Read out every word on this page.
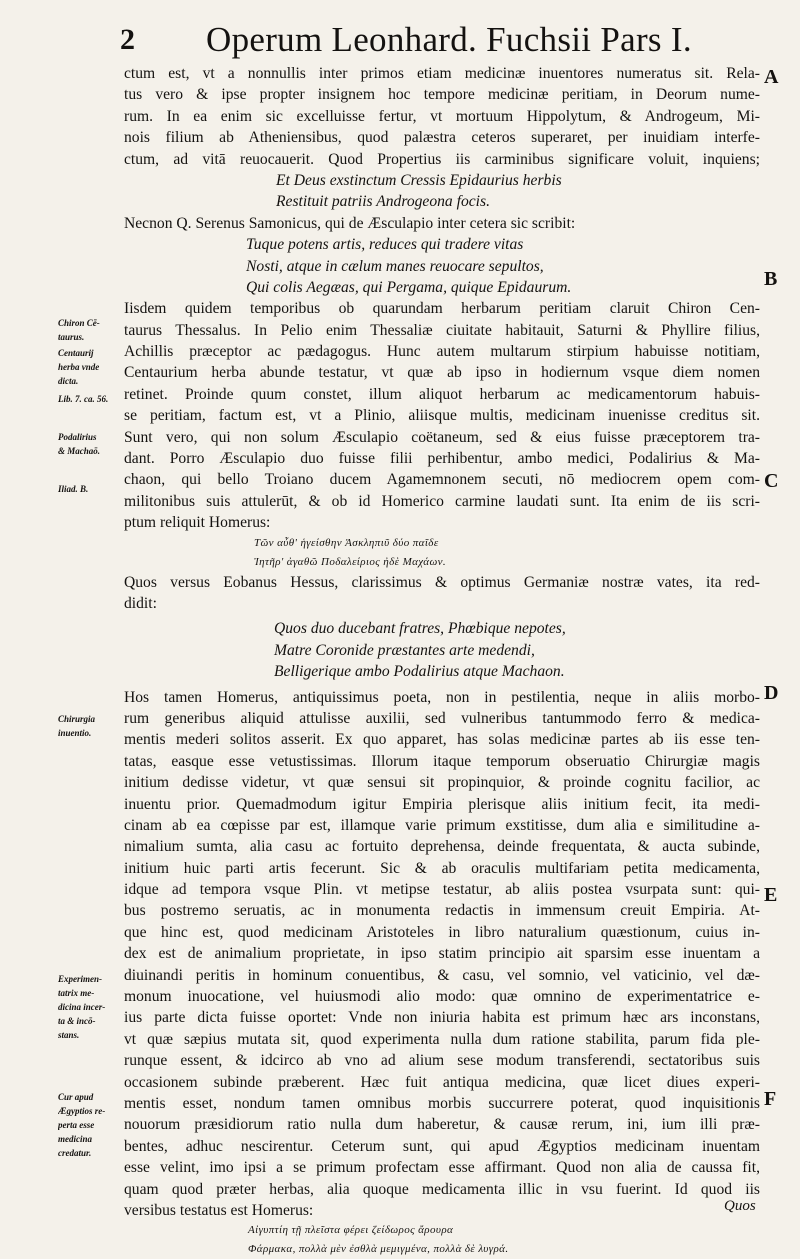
2 Operum Leonhard. Fuchsii Pars I.
A
B
C
D
E
F
Chiron Cē-
taurus.
Centaurij
herba vnde
dicta.
Lib. 7. ca. 56.
Podalirius
& Machaō.
Iliad. B.
Chirurgia
inuentio.
Experimen-
tatrix me-
dicina incer-
ta & incō-
stans.
Cur apud
Ægyptios re-
perta esse
medicina
credatur.
ctum est, vt a nonnullis inter primos etiam medicinæ inuentores numeratus sit. Rela-
tus vero & ipse propter insignem hoc tempore medicinæ peritiam, in Deorum nume-
rum. In ea enim sic excelluisse fertur, vt mortuum Hippolytum, & Androgeum, Mi-
nois filium ab Atheniensibus, quod palæstra ceteros superaret, per inuidiam interfe-
ctum, ad vitā reuocauerit. Quod Propertius iis carminibus significare voluit, inquiens;
Et Deus exstinctum Cressis Epidaurius herbis
Restituit patriis Androgeona focis.
Necnon Q. Serenus Samonicus, qui de Æsculapio inter cetera sic scribit:
Tuque potens artis, reduces qui tradere vitas
Nosti, atque in cælum manes reuocare sepultos,
Qui colis Aegæas, qui Pergama, quique Epidaurum.
Iisdem quidem temporibus ob quarundam herbarum peritiam claruit Chiron Cen-
taurus Thessalus. In Pelio enim Thessaliæ ciuitate habitauit, Saturni & Phyllire filius,
Achillis præceptor ac pædagogus. Hunc autem multarum stirpium habuisse notitiam,
Centaurium herba abunde testatur, vt quæ ab ipso in hodiernum vsque diem nomen
retinet. Proinde quum constet, illum aliquot herbarum ac medicamentorum habuis-
se peritiam, factum est, vt a Plinio, aliisque multis, medicinam inuenisse creditus sit.
Sunt vero, qui non solum Æsculapio coëtaneum, sed & eius fuisse præceptorem tra-
dant. Porro Æsculapio duo fuisse filii perhibentur, ambo medici, Podalirius & Ma-
chaon, qui bello Troiano ducem Agamemnonem secuti, nō mediocrem opem com-
militonibus suis attulerūt, & ob id Homerico carmine laudati sunt. Ita enim de iis scri-
ptum reliquit Homerus:
Τῶν αὖθ' ἡγείσθην Ἀσκληπιῦ δύο παῖδε
Ἰητῆρ' ἀγαθῶ Ποδαλείριος ἠδὲ Μαχάων.
Quos versus Eobanus Hessus, clarissimus & optimus Germaniæ nostræ vates, ita red-
didit:
Quos duo ducebant fratres, Phœbique nepotes,
Matre Coronide præstantes arte medendi,
Belligerique ambo Podalirius atque Machaon.
Hos tamen Homerus, antiquissimus poeta, non in pestilentia, neque in aliis morbo-
rum generibus aliquid attulisse auxilii, sed vulneribus tantummodo ferro & medica-
mentis mederi solitos asserit. Ex quo apparet, has solas medicinæ partes ab iis esse ten-
tatas, easque esse vetustissimas. Illorum itaque temporum obseruatio Chirurgiæ magis
initium dedisse videtur, vt quæ sensui sit propinquior, & proinde cognitu facilior, ac
inuentu prior. Quemadmodum igitur Empiria plerisque aliis initium fecit, ita medi-
cinam ab ea cœpisse par est, illamque varie primum exstitisse, dum alia e similitudine a-
nimalium sumta, alia casu ac fortuito deprehensa, deinde frequentata, & aucta subinde,
initium huic parti artis fecerunt. Sic & ab oraculis multifariam petita medicamenta,
idque ad tempora vsque Plin. vt metipse testatur, ab aliis postea vsurpata sunt: qui-
bus postremo seruatis, ac in monumenta redactis in immensum creuit Empiria. At-
que hinc est, quod medicinam Aristoteles in libro naturalium quæstionum, cuius in-
dex est de animalium proprietate, in ipso statim principio ait sparsim esse inuentam a
diuinandi peritis in hominum conuentibus, & casu, vel somnio, vel vaticinio, vel dæ-
monum inuocatione, vel huiusmodi alio modo: quæ omnino de experimentatrice e-
ius parte dicta fuisse oportet: Vnde non iniuria habita est primum hæc ars inconstans,
vt quæ sæpius mutata sit, quod experimenta nulla dum ratione stabilita, parum fida ple-
runque essent, & idcirco ab vno ad alium sese modum transferendi, sectatoribus suis
occasionem subinde præberent. Hæc fuit antiqua medicina, quæ licet diues experi-
mentis esset, nondum tamen omnibus morbis succurrere poterat, quod inquisitionis
nouorum præsidiorum ratio nulla dum haberetur, & causæ rerum, ini, ium illi præ-
bentes, adhuc nescirentur. Ceterum sunt, qui apud Ægyptios medicinam inuentam
esse velint, imo ipsi a se primum profectam esse affirmant. Quod non alia de caussa fit,
quam quod præter herbas, alia quoque medicamenta illic in vsu fuerint. Id quod iis
versibus testatus est Homerus:
Αἰγυπτίη τῇ πλεῖστα φέρει ζείδωρος ἄρουρα
Φάρμακα, πολλὰ μὲν ἐσθλὰ μεμιγμένα, πολλὰ δὲ λυγρά.
Quos
